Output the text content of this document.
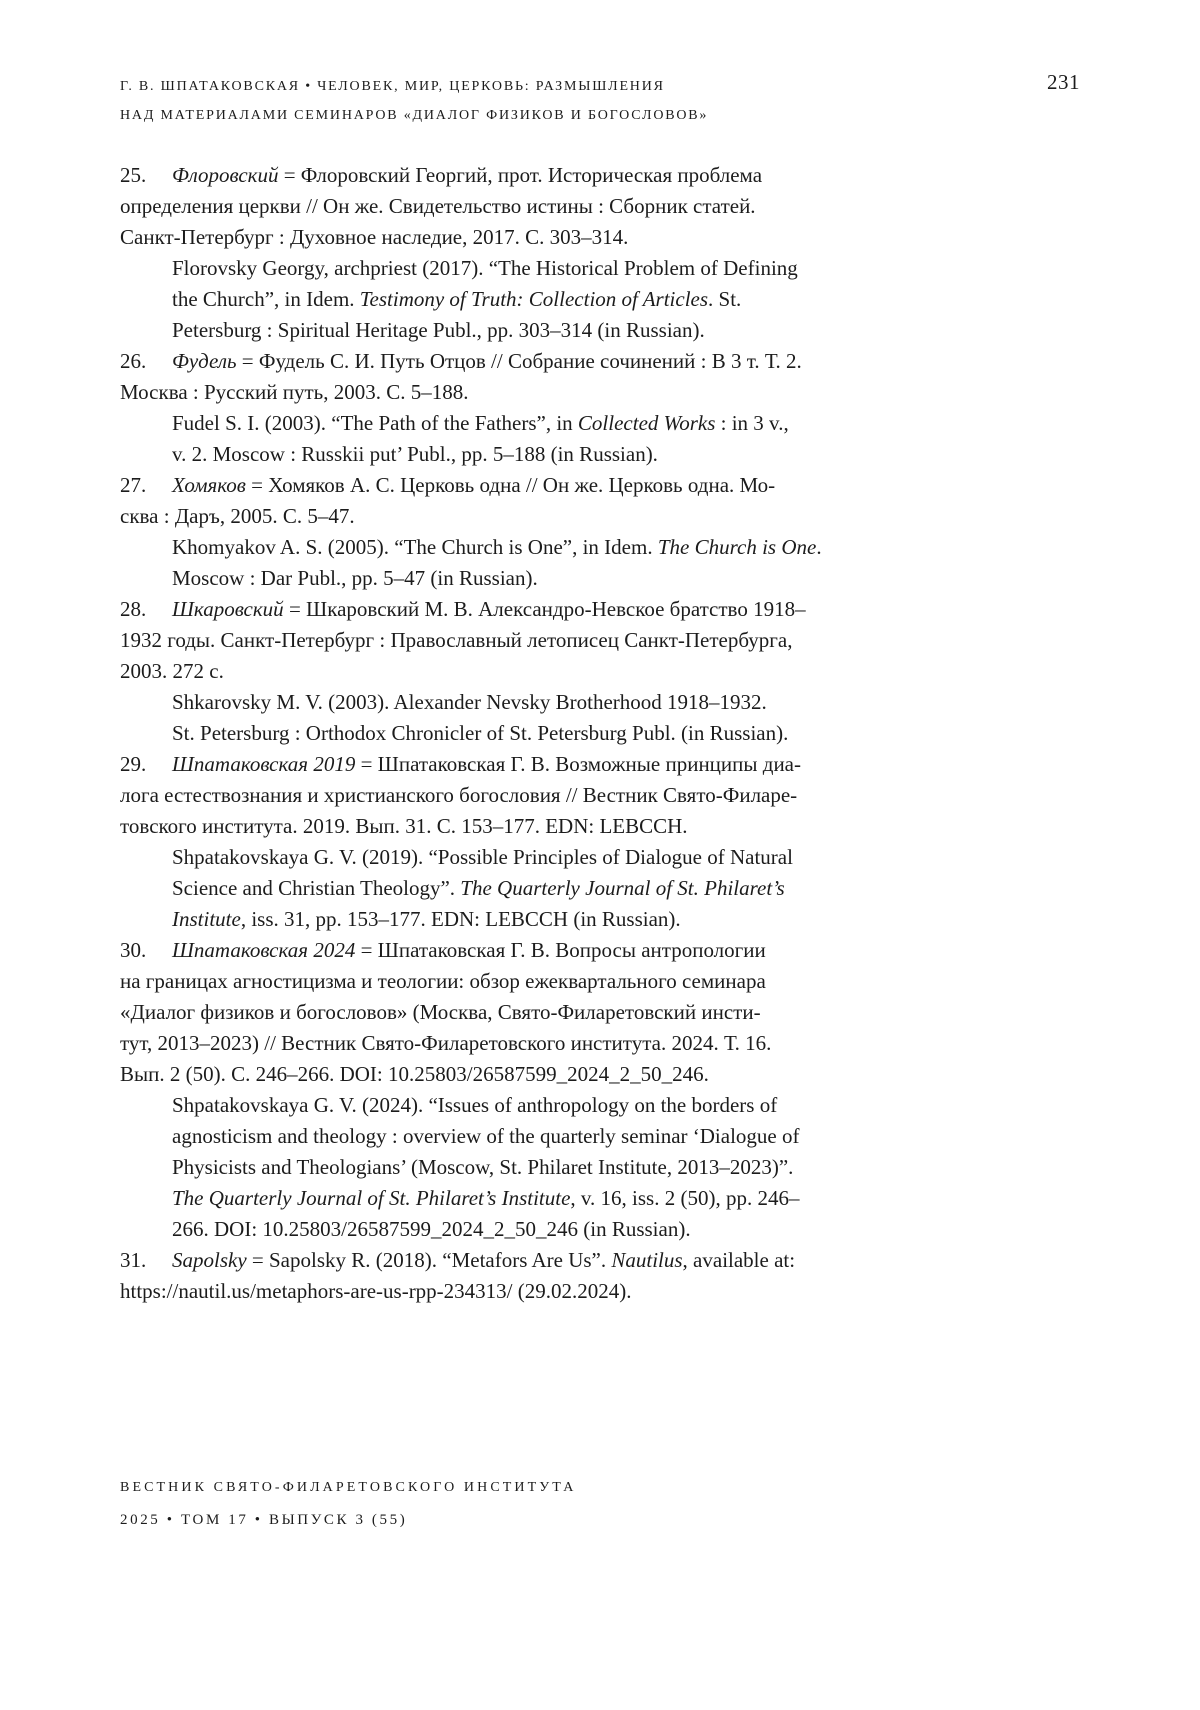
Г. В. ШПАТАКОВСКАЯ • ЧЕЛОВЕК, МИР, ЦЕРКОВЬ: РАЗМЫШЛЕНИЯ
НАД МАТЕРИАЛАМИ СЕМИНАРОВ «ДИАЛОГ ФИЗИКОВ И БОГОСЛОВОВ»
231
25. Флоровский = Флоровский Георгий, прот. Историческая проблема
определения церкви // Он же. Свидетельство истины : Сборник статей.
Санкт-Петербург : Духовное наследие, 2017. С. 303–314.
Florovsky Georgy, archpriest (2017). “The Historical Problem of Defining
the Church”, in Idem. Testimony of Truth: Collection of Articles. St.
Petersburg : Spiritual Heritage Publ., pp. 303–314 (in Russian).
26. Фудель = Фудель С. И. Путь Отцов // Собрание сочинений : В 3 т. Т. 2.
Москва : Русский путь, 2003. С. 5–188.
Fudel S. I. (2003). “The Path of the Fathers”, in Collected Works : in 3 v.,
v. 2. Moscow : Russkii put’ Publ., pp. 5–188 (in Russian).
27. Хомяков = Хомяков А. С. Церковь одна // Он же. Церковь одна. Мо-
сква : Даръ, 2005. С. 5–47.
Khomyakov A. S. (2005). “The Church is One”, in Idem. The Church is One.
Moscow : Dar Publ., pp. 5–47 (in Russian).
28. Шкаровский = Шкаровский М. В. Александро-Невское братство 1918–
1932 годы. Санкт-Петербург : Православный летописец Санкт-Петербурга,
2003. 272 с.
Shkarovsky M. V. (2003). Alexander Nevsky Brotherhood 1918–1932.
St. Petersburg : Orthodox Chronicler of St. Petersburg Publ. (in Russian).
29. Шпатаковская 2019 = Шпатаковская Г. В. Возможные принципы диа-
лога естествознания и христианского богословия // Вестник Свято-Филаре-
товского института. 2019. Вып. 31. С. 153–177. EDN: LEBCCH.
Shpatakovskaya G. V. (2019). “Possible Principles of Dialogue of Natural
Science and Christian Theology”. The Quarterly Journal of St. Philaret’s
Institute, iss. 31, pp. 153–177. EDN: LEBCCH (in Russian).
30. Шпатаковская 2024 = Шпатаковская Г. В. Вопросы антропологии
на границах агностицизма и теологии: обзор ежеквартального семинара
«Диалог физиков и богословов» (Москва, Свято-Филаретовский инсти-
тут, 2013–2023) // Вестник Свято-Филаретовского института. 2024. Т. 16.
Вып. 2 (50). С. 246–266. DOI: 10.25803/26587599_2024_2_50_246.
Shpatakovskaya G. V. (2024). “Issues of anthropology on the borders of
agnosticism and theology : overview of the quarterly seminar ‘Dialogue of
Physicists and Theologians’ (Moscow, St. Philaret Institute, 2013–2023)”.
The Quarterly Journal of St. Philaret’s Institute, v. 16, iss. 2 (50), pp. 246–
266. DOI: 10.25803/26587599_2024_2_50_246 (in Russian).
31. Sapolsky = Sapolsky R. (2018). “Metafors Are Us”. Nautilus, available at:
https://nautil.us/metaphors-are-us-rpp-234313/ (29.02.2024).
ВЕСТНИК СВЯТО-ФИЛАРЕТОВСКОГО ИНСТИТУТА
2025 • ТОМ 17 • ВЫПУСК 3 (55)
